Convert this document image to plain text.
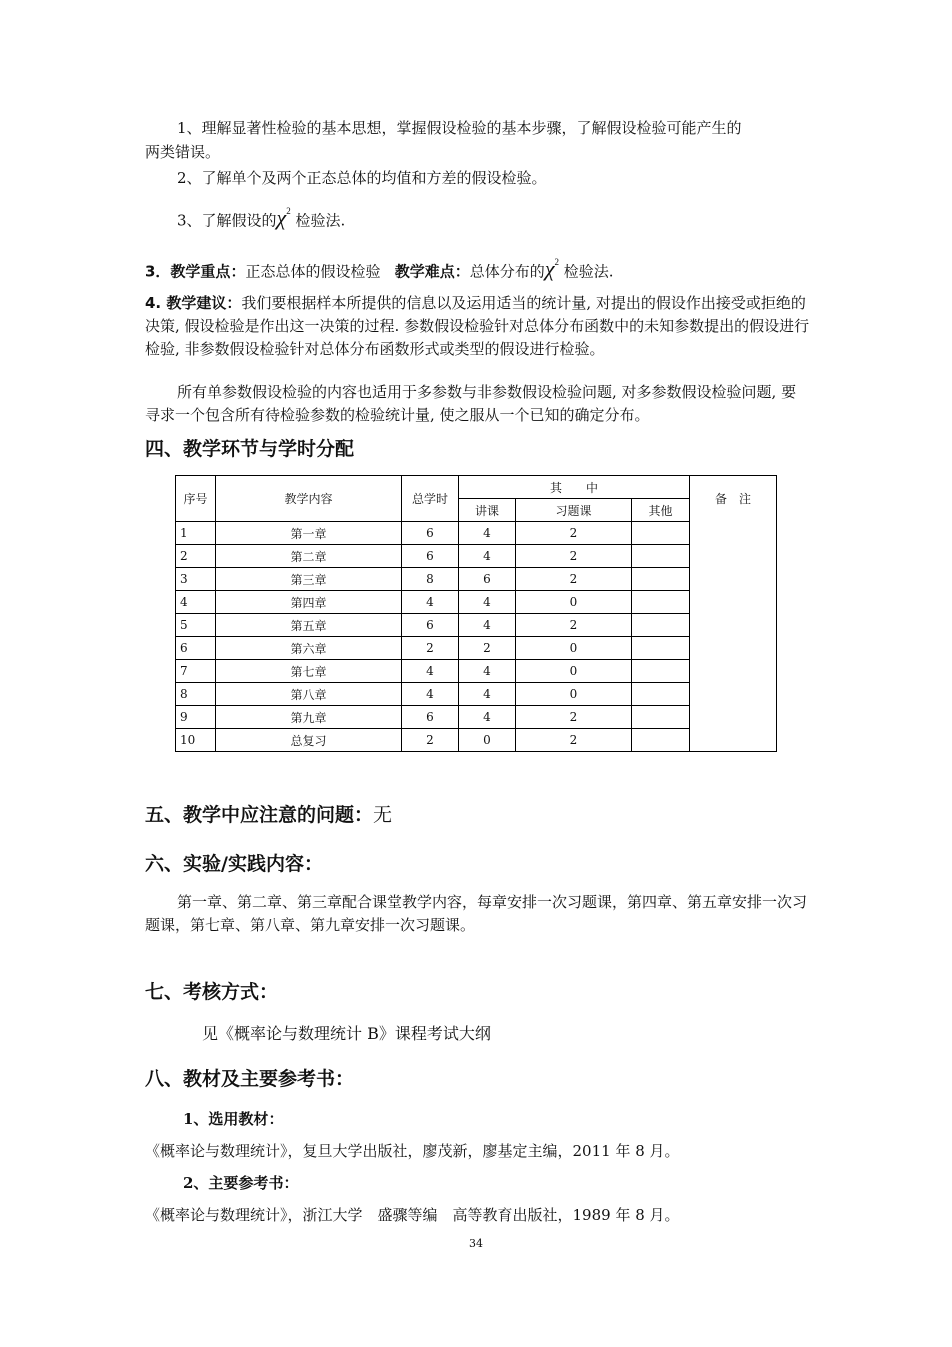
1、理解显著性检验的基本思想，掌握假设检验的基本步骤，了解假设检验可能产生的
两类错误。
2、了解单个及两个正态总体的均值和方差的假设检验。
3、了解假设的$\chi^2$ 检验法.
3．教学重点：正态总体的假设检验 教学难点：总体分布的$\chi^2$ 检验法.
4. 教学建议：我们要根据样本所提供的信息以及运用适当的统计量, 对提出的假设作出接受或拒绝的决策, 假设检验是作出这一决策的过程. 参数假设检验针对总体分布函数中的未知参数提出的假设进行检验, 非参数假设检验针对总体分布函数形式或类型的假设进行检验。
所有单参数假设检验的内容也适用于多参数与非参数假设检验问题, 对多参数假设检验问题, 要寻求一个包含所有待检验参数的检验统计量, 使之服从一个已知的确定分布。
四、教学环节与学时分配
序号	教学内容	总学时	其　　中			备　注
			讲课	习题课	其他	
1	第一章	6	4	2		
2	第二章	6	4	2		
3	第三章	8	6	2		
4	第四章	4	4	0		
5	第五章	6	4	2		
6	第六章	2	2	0		
7	第七章	4	4	0		
8	第八章	4	4	0		
9	第九章	6	4	2		
10	总复习	2	0	2		
五、教学中应注意的问题：无
六、实验/实践内容：
第一章、第二章、第三章配合课堂教学内容，每章安排一次习题课，第四章、第五章安排一次习题课，第七章、第八章、第九章安排一次习题课。
七、考核方式：
见《概率论与数理统计 B》课程考试大纲
八、教材及主要参考书：
1、选用教材：
《概率论与数理统计》，复旦大学出版社，廖茂新，廖基定主编，2011 年 8 月。
2、主要参考书：
《概率论与数理统计》，浙江大学　盛骤等编　高等教育出版社，1989 年 8 月。
34
